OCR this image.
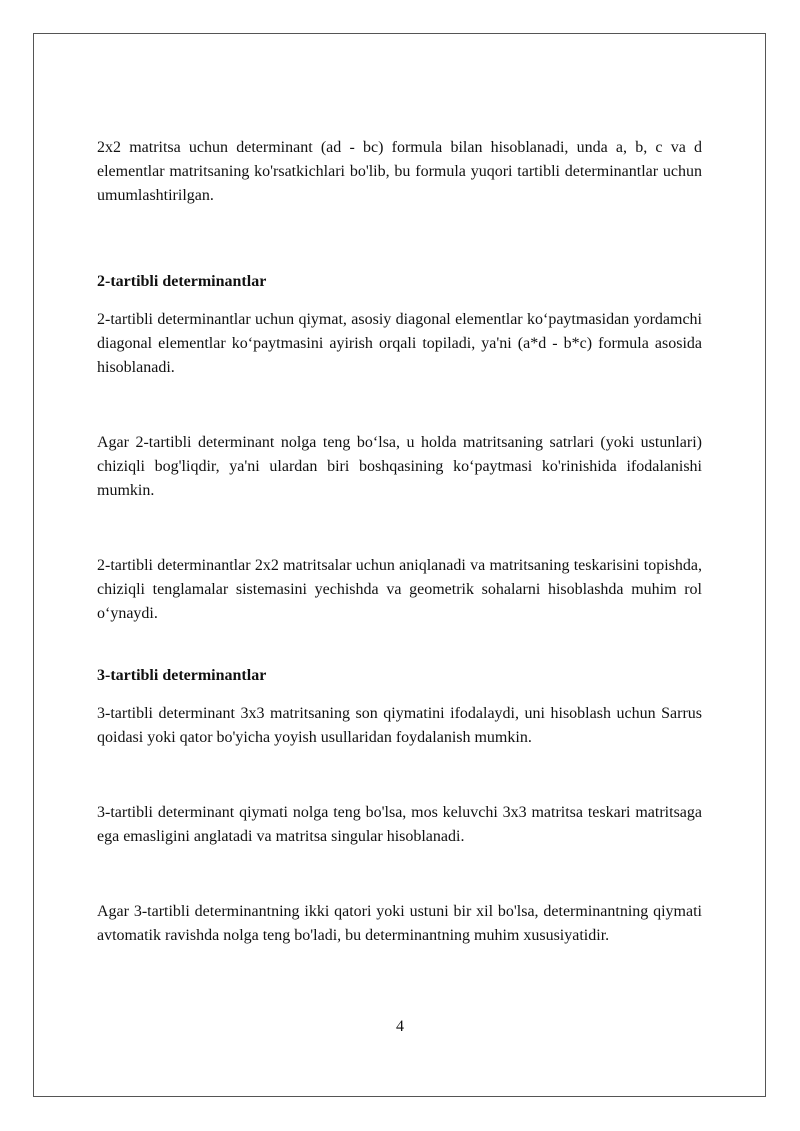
2x2 matritsa uchun determinant (ad - bc) formula bilan hisoblanadi, unda a, b, c va d elementlar matritsaning ko'rsatkichlari bo'lib, bu formula yuqori tartibli determinantlar uchun umumlashtirilgan.

2-tartibli determinantlar

2-tartibli determinantlar uchun qiymat, asosiy diagonal elementlar ko‘paytmasidan yordamchi diagonal elementlar ko‘paytmasini ayirish orqali topiladi, ya'ni (a*d - b*c) formula asosida hisoblanadi.

Agar 2-tartibli determinant nolga teng bo‘lsa, u holda matritsaning satrlari (yoki ustunlari) chiziqli bog'liqdir, ya'ni ulardan biri boshqasining ko‘paytmasi ko'rinishida ifodalanishi mumkin.

2-tartibli determinantlar 2x2 matritsalar uchun aniqlanadi va matritsaning teskarisini topishda, chiziqli tenglamalar sistemasini yechishda va geometrik sohalarni hisoblashda muhim rol o‘ynaydi.

3-tartibli determinantlar

3-tartibli determinant 3x3 matritsaning son qiymatini ifodalaydi, uni hisoblash uchun Sarrus qoidasi yoki qator bo'yicha yoyish usullaridan foydalanish mumkin.

3-tartibli determinant qiymati nolga teng bo'lsa, mos keluvchi 3x3 matritsa teskari matritsaga ega emasligini anglatadi va matritsa singular hisoblanadi.

Agar 3-tartibli determinantning ikki qatori yoki ustuni bir xil bo'lsa, determinantning qiymati avtomatik ravishda nolga teng bo'ladi, bu determinantning muhim xususiyatidir.

4
